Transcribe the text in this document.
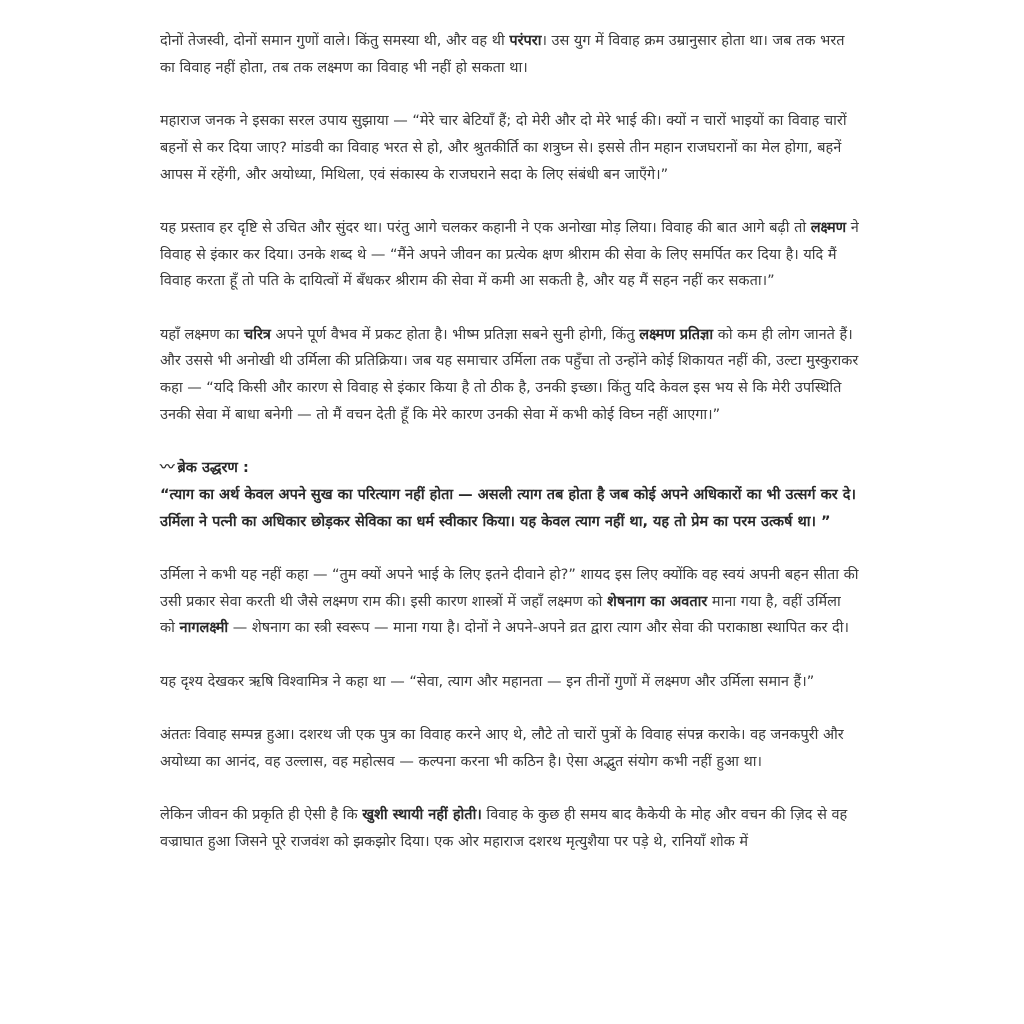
दोनों तेजस्वी, दोनों समान गुणों वाले। किंतु समस्या थी, और वह थी परंपरा। उस युग में विवाह क्रम उम्रानुसार होता था। जब तक भरत का विवाह नहीं होता, तब तक लक्ष्मण का विवाह भी नहीं हो सकता था।

महाराज जनक ने इसका सरल उपाय सुझाया — “मेरे चार बेटियाँ हैं; दो मेरी और दो मेरे भाई की। क्यों न चारों भाइयों का विवाह चारों बहनों से कर दिया जाए? मांडवी का विवाह भरत से हो, और श्रुतकीर्ति का शत्रुघ्न से। इससे तीन महान राजघरानों का मेल होगा, बहनें आपस में रहेंगी, और अयोध्या, मिथिला, एवं संकास्य के राजघराने सदा के लिए संबंधी बन जाएँगे।”

यह प्रस्ताव हर दृष्टि से उचित और सुंदर था। परंतु आगे चलकर कहानी ने एक अनोखा मोड़ लिया। विवाह की बात आगे बढ़ी तो लक्ष्मण ने विवाह से इंकार कर दिया। उनके शब्द थे — “मैंने अपने जीवन का प्रत्येक क्षण श्रीराम की सेवा के लिए समर्पित कर दिया है। यदि मैं विवाह करता हूँ तो पति के दायित्वों में बँधकर श्रीराम की सेवा में कमी आ सकती है, और यह मैं सहन नहीं कर सकता।”

यहाँ लक्ष्मण का चरित्र अपने पूर्ण वैभव में प्रकट होता है। भीष्म प्रतिज्ञा सबने सुनी होगी, किंतु लक्ष्मण प्रतिज्ञा को कम ही लोग जानते हैं। और उससे भी अनोखी थी उर्मिला की प्रतिक्रिया। जब यह समाचार उर्मिला तक पहुँचा तो उन्होंने कोई शिकायत नहीं की, उल्टा मुस्कुराकर कहा — “यदि किसी और कारण से विवाह से इंकार किया है तो ठीक है, उनकी इच्छा। किंतु यदि केवल इस भय से कि मेरी उपस्थिति उनकी सेवा में बाधा बनेगी — तो मैं वचन देती हूँ कि मेरे कारण उनकी सेवा में कभी कोई विघ्न नहीं आएगा।”

〰 ब्रेक उद्धरण :

“त्याग का अर्थ केवल अपने सुख का परित्याग नहीं होता — असली त्याग तब होता है जब कोई अपने अधिकारों का भी उत्सर्ग कर दे। उर्मिला ने पत्नी का अधिकार छोड़कर सेविका का धर्म स्वीकार किया। यह केवल त्याग नहीं था, यह तो प्रेम का परम उत्कर्ष था। ”

उर्मिला ने कभी यह नहीं कहा — “तुम क्यों अपने भाई के लिए इतने दीवाने हो?” शायद इस लिए क्योंकि वह स्वयं अपनी बहन सीता की उसी प्रकार सेवा करती थी जैसे लक्ष्मण राम की। इसी कारण शास्त्रों में जहाँ लक्ष्मण को शेषनाग का अवतार माना गया है, वहीं उर्मिला को नागलक्ष्मी — शेषनाग का स्त्री स्वरूप — माना गया है। दोनों ने अपने-अपने व्रत द्वारा त्याग और सेवा की पराकाष्ठा स्थापित कर दी।

यह दृश्य देखकर ऋषि विश्वामित्र ने कहा था — “सेवा, त्याग और महानता — इन तीनों गुणों में लक्ष्मण और उर्मिला समान हैं।”

अंततः विवाह सम्पन्न हुआ। दशरथ जी एक पुत्र का विवाह करने आए थे, लौटे तो चारों पुत्रों के विवाह संपन्न कराके। वह जनकपुरी और अयोध्या का आनंद, वह उल्लास, वह महोत्सव — कल्पना करना भी कठिन है। ऐसा अद्भुत संयोग कभी नहीं हुआ था।

लेकिन जीवन की प्रकृति ही ऐसी है कि खुशी स्थायी नहीं होती। विवाह के कुछ ही समय बाद कैकेयी के मोह और वचन की ज़िद से वह वज्राघात हुआ जिसने पूरे राजवंश को झकझोर दिया। एक ओर महाराज दशरथ मृत्युशैया पर पड़े थे, रानियाँ शोक में
